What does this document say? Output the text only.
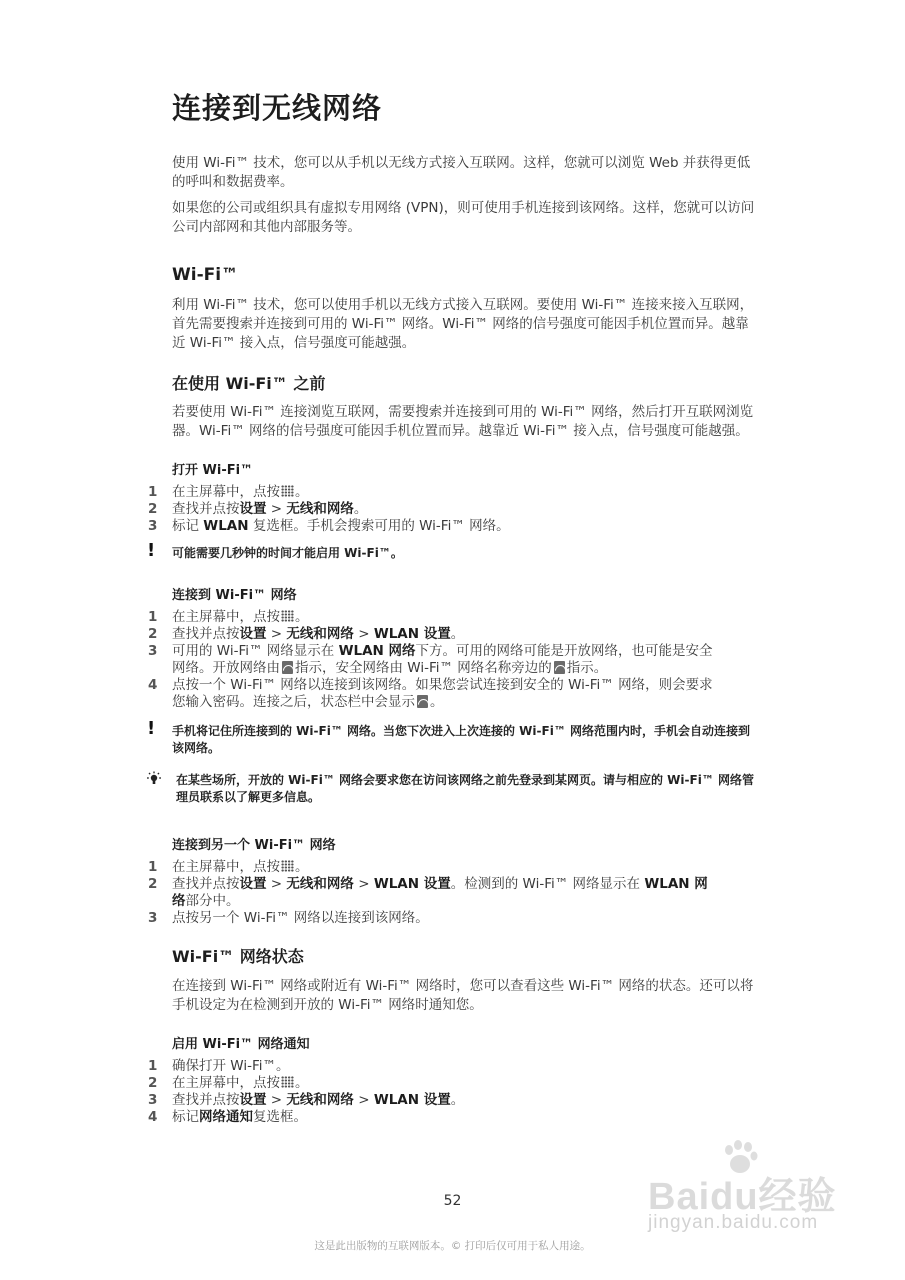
连接到无线网络

使用 Wi-Fi™ 技术，您可以从手机以无线方式接入互联网。这样，您就可以浏览 Web 并获得更低的呼叫和数据费率。

如果您的公司或组织具有虚拟专用网络 (VPN)，则可使用手机连接到该网络。这样，您就可以访问公司内部网和其他内部服务等。

Wi-Fi™

利用 Wi-Fi™ 技术，您可以使用手机以无线方式接入互联网。要使用 Wi-Fi™ 连接来接入互联网，首先需要搜索并连接到可用的 Wi-Fi™ 网络。Wi-Fi™ 网络的信号强度可能因手机位置而异。越靠近 Wi-Fi™ 接入点，信号强度可能越强。

在使用 Wi-Fi™ 之前

若要使用 Wi-Fi™ 连接浏览互联网，需要搜索并连接到可用的 Wi-Fi™ 网络，然后打开互联网浏览器。Wi-Fi™ 网络的信号强度可能因手机位置而异。越靠近 Wi-Fi™ 接入点，信号强度可能越强。

打开 Wi-Fi™
1 在主屏幕中，点按 。
2 查找并点按设置 > 无线和网络。
3 标记 WLAN 复选框。手机会搜索可用的 Wi-Fi™ 网络。
! 可能需要几秒钟的时间才能启用 Wi-Fi™。
连接到 Wi-Fi™ 网络
1 在主屏幕中，点按 。
2 查找并点按设置 > 无线和网络 > WLAN 设置。
3 可用的 Wi-Fi™ 网络显示在 WLAN 网络下方。可用的网络可能是开放网络，也可能是安全网络。开放网络由 指示，安全网络由 Wi-Fi™ 网络名称旁边的 指示。
4 点按一个 Wi-Fi™ 网络以连接到该网络。如果您尝试连接到安全的 Wi-Fi™ 网络，则会要求您输入密码。连接之后，状态栏中会显示 。
! 手机将记住所连接到的 Wi-Fi™ 网络。当您下次进入上次连接的 Wi-Fi™ 网络范围内时，手机会自动连接到该网络。
在某些场所，开放的 Wi-Fi™ 网络会要求您在访问该网络之前先登录到某网页。请与相应的 Wi-Fi™ 网络管理员联系以了解更多信息。
连接到另一个 Wi-Fi™ 网络
1 在主屏幕中，点按 。
2 查找并点按设置 > 无线和网络 > WLAN 设置。检测到的 Wi-Fi™ 网络显示在 WLAN 网络部分中。
3 点按另一个 Wi-Fi™ 网络以连接到该网络。
Wi-Fi™ 网络状态

在连接到 Wi-Fi™ 网络或附近有 Wi-Fi™ 网络时，您可以查看这些 Wi-Fi™ 网络的状态。还可以将手机设定为在检测到开放的 Wi-Fi™ 网络时通知您。

启用 Wi-Fi™ 网络通知
1 确保打开 Wi-Fi™。
2 在主屏幕中，点按 。
3 查找并点按设置 > 无线和网络 > WLAN 设置。
4 标记网络通知复选框。
Baidu经验
jingyan.baidu.com
52
这是此出版物的互联网版本。© 打印后仅可用于私人用途。
